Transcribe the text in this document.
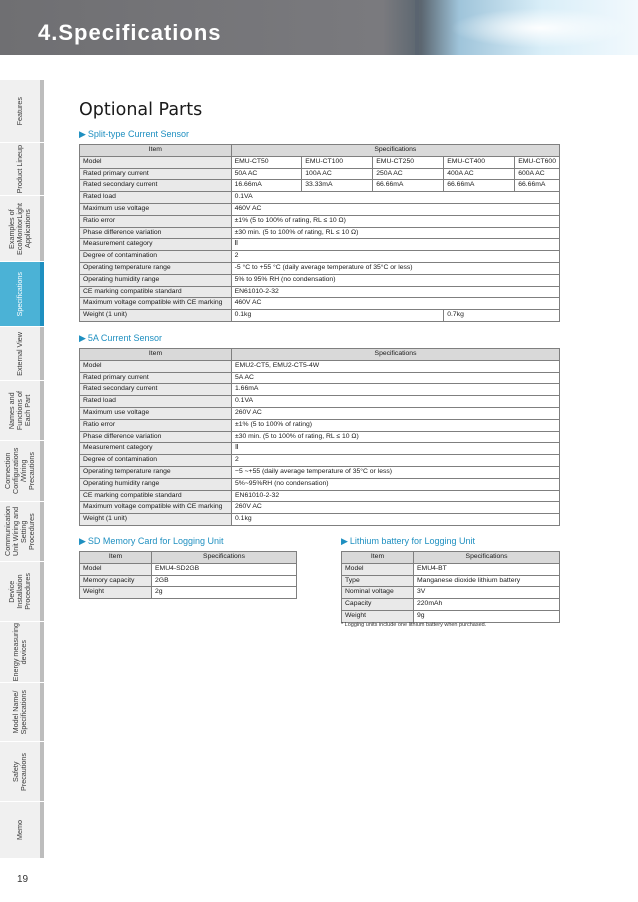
4.Specifications
Features
Product Lineup
Examples of
EcoMonitorLight
Applications
Specifications
External View
Names and
Functions of
Each Part
Connection
Configurations
/Wiring Precautions
Communication
Unit Wiring and
Setting Procedures
Device
Installation
Procedures
Energy measuring
devices
Model Name/
Specifications
Safety
Precautions
Memo
19
Optional Parts
▶ Split-type Current Sensor
Item	Specifications				
Model	EMU-CT50	EMU-CT100	EMU-CT250	EMU-CT400	EMU-CT600
Rated primary current	50A AC	100A AC	250A AC	400A AC	600A AC
Rated secondary current	16.66mA	33.33mA	66.66mA	66.66mA	66.66mA
Rated load	0.1VA				
Maximum use voltage	460V AC				
Ratio error	±1% (5 to 100% of rating, RL ≤ 10 Ω)				
Phase difference variation	±30 min. (5 to 100% of rating, RL ≤ 10 Ω)				
Measurement category	Ⅱ				
Degree of contamination	2				
Operating temperature range	-5 °C to +55 °C (daily average temperature of 35°C or less)				
Operating humidity range	5% to 95% RH (no condensation)				
CE marking compatible standard	EN61010-2-32				
Maximum voltage compatible with CE marking	460V AC				
Weight (1 unit)	0.1kg			0.7kg	
▶ 5A Current Sensor
Item	Specifications
Model	EMU2-CT5, EMU2-CT5-4W
Rated primary current	5A AC
Rated secondary current	1.66mA
Rated load	0.1VA
Maximum use voltage	260V AC
Ratio error	±1% (5 to 100% of rating)
Phase difference variation	±30 min. (5 to 100% of rating, RL ≤ 10 Ω)
Measurement category	Ⅱ
Degree of contamination	2
Operating temperature range	−5 ~+55 (daily average temperature of 35°C or less)
Operating humidity range	5%~95%RH (no condensation)
CE marking compatible standard	EN61010-2-32
Maximum voltage compatible with CE marking	260V AC
Weight (1 unit)	0.1kg
▶ SD Memory Card for Logging Unit
Item	Specifications
Model	EMU4-SD2GB
Memory capacity	2GB
Weight	2g
▶ Lithium battery for Logging Unit
Item	Specifications
Model	EMU4-BT
Type	Manganese dioxide lithium battery
Nominal voltage	3V
Capacity	220mAh
Weight	9g
* Logging units include one lithium battery when purchased.
